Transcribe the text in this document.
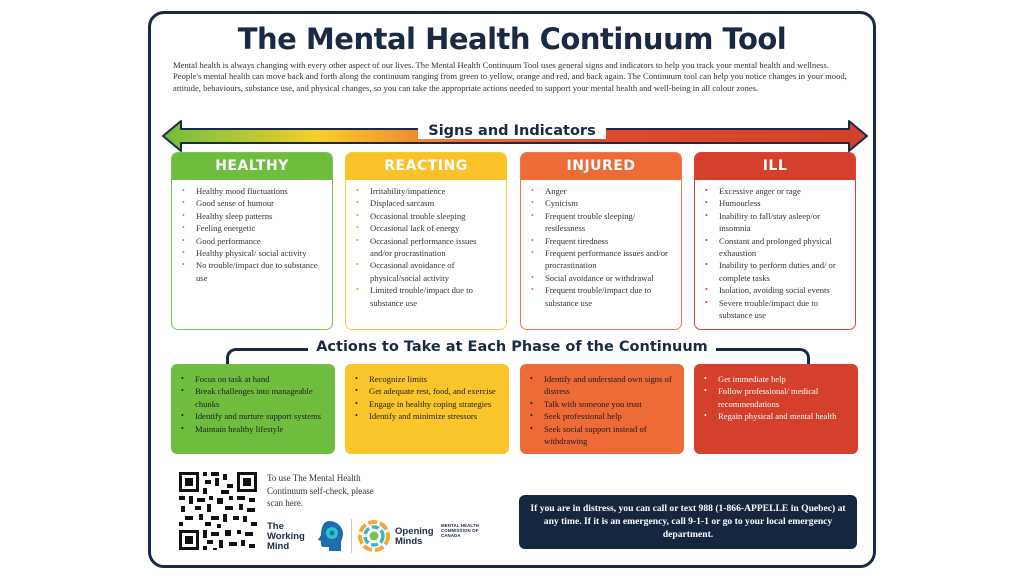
The Mental Health Continuum Tool

Mental health is always changing with every other aspect of our lives. The Mental Health Continuum Tool uses general signs and indicators to help you track your mental health and wellness. People's mental health can move back and forth along the continuum ranging from green to yellow, orange and red, and back again. The Continuum tool can help you notice changes in your mood, attitude, behaviours, substance use, and physical changes, so you can take the appropriate actions needed to support your mental health and well-being in all colour zones.

Signs and Indicators
HEALTHY
• Healthy mood fluctuations
• Good sense of humour
• Healthy sleep patterns
• Feeling energetic
• Good performance
• Healthy physical/ social activity
• No trouble/impact due to substance use
REACTING
• Irritability/impatience
• Displaced sarcasm
• Occasional trouble sleeping
• Occasional lack of energy
• Occasional performance issues and/or procrastination
• Occasional avoidance of physical/social activity
• Limited trouble/impact due to substance use
INJURED
• Anger
• Cynicism
• Frequent trouble sleeping/ restlessness
• Frequent tiredness
• Frequent performance issues and/or procrastination
• Social avoidance or withdrawal
• Frequent trouble/impact due to substance use
ILL
• Excessive anger or rage
• Humourless
• Inability to fall/stay asleep/or insomnia
• Constant and prolonged physical exhaustion
• Inability to perform duties and/ or complete tasks
• Isolation, avoiding social events
• Severe trouble/impact due to substance use
Actions to Take at Each Phase of the Continuum
• Focus on task at hand
• Break challenges into manageable chunks
• Identify and nurture support systems
• Maintain healthy lifestyle
• Recognize limits
• Get adequate rest, food, and exercise
• Engage in healthy coping strategies
• Identify and minimize stressors
• Identify and understand own signs of distress
• Talk with someone you trust
• Seek professional help
• Seek social support instead of withdrawing
• Get immediate help
• Follow professional/ medical recommendations
• Regain physical and mental health

To use The Mental Health Continuum self-check, please scan here.

The Working Mind
Opening Minds
MENTAL HEALTH COMMISSION OF CANADA
If you are in distress, you can call or text 988 (1-866-APPELLE in Quebec) at any time. If it is an emergency, call 9-1-1 or go to your local emergency department.
